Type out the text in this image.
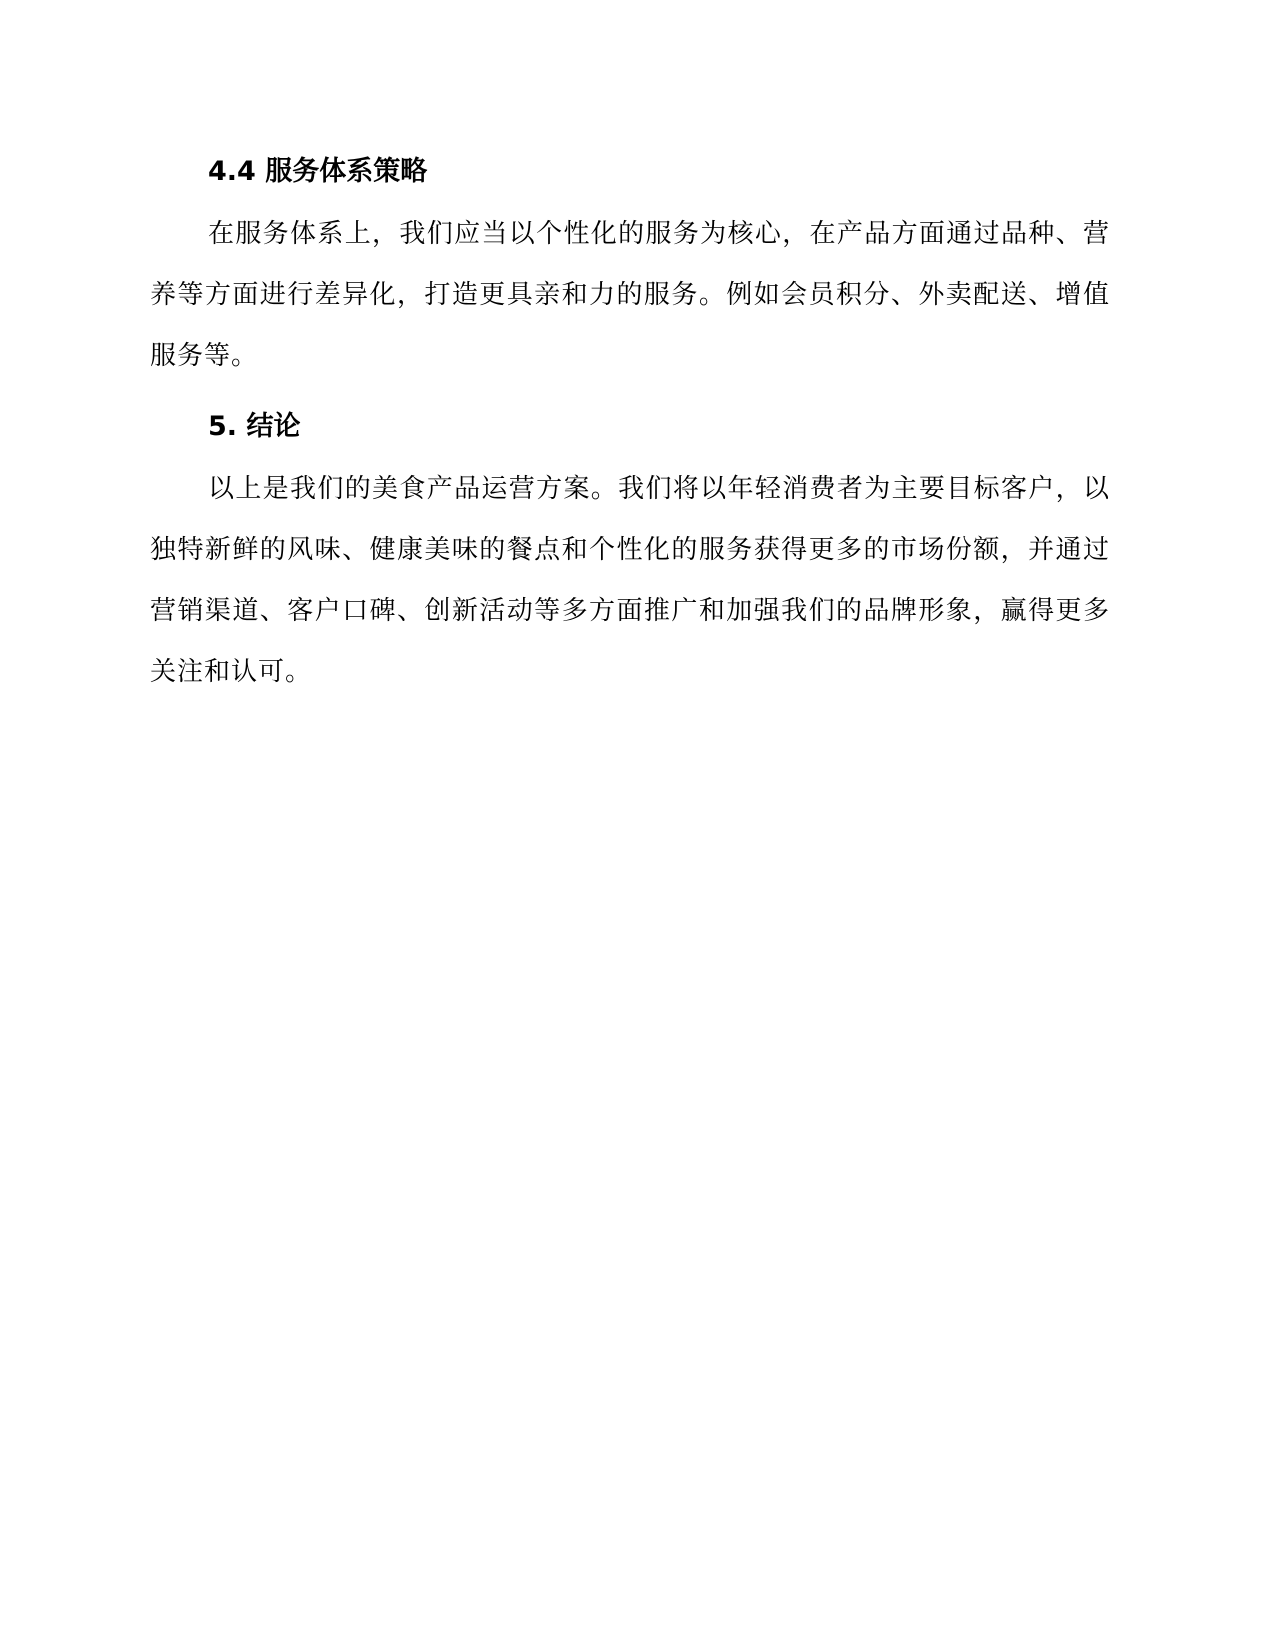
4.4 服务体系策略

在服务体系上，我们应当以个性化的服务为核心，在产品方面通过品种、营养等方面进行差异化，打造更具亲和力的服务。例如会员积分、外卖配送、增值服务等。

5. 结论

以上是我们的美食产品运营方案。我们将以年轻消费者为主要目标客户，以独特新鲜的风味、健康美味的餐点和个性化的服务获得更多的市场份额，并通过营销渠道、客户口碑、创新活动等多方面推广和加强我们的品牌形象，赢得更多关注和认可。
